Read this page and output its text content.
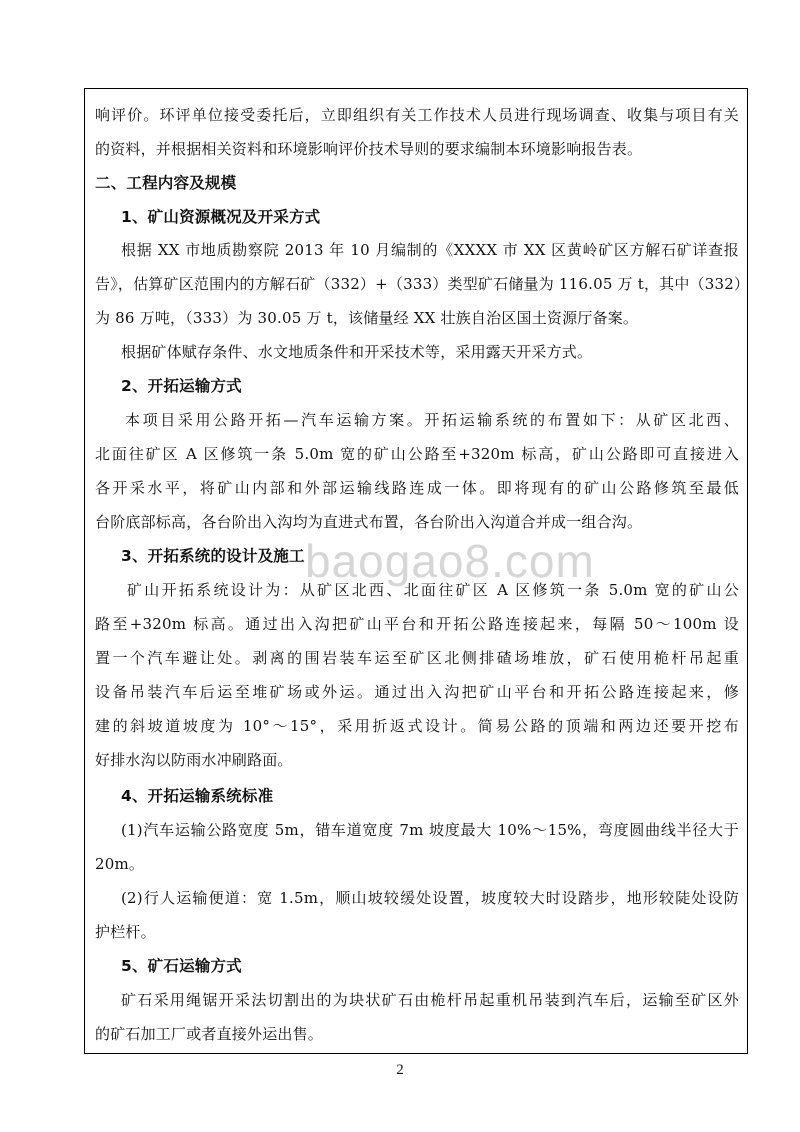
响评价。环评单位接受委托后，立即组织有关工作技术人员进行现场调查、收集与项目有关
的资料，并根据相关资料和环境影响评价技术导则的要求编制本环境影响报告表。
二、工程内容及规模
1、矿山资源概况及开采方式
根据 XX 市地质勘察院 2013 年 10 月编制的《XXXX 市 XX 区黄岭矿区方解石矿详查报
告》，估算矿区范围内的方解石矿（332）+（333）类型矿石储量为 116.05 万 t，其中（332）
为 86 万吨，（333）为 30.05 万 t，该储量经 XX 壮族自治区国土资源厅备案。
根据矿体赋存条件、水文地质条件和开采技术等，采用露天开采方式。
2、开拓运输方式
本项目采用公路开拓—汽车运输方案。开拓运输系统的布置如下：从矿区北西、
北面往矿区 A 区修筑一条 5.0m 宽的矿山公路至+320m 标高，矿山公路即可直接进入
各开采水平，将矿山内部和外部运输线路连成一体。即将现有的矿山公路修筑至最低
台阶底部标高，各台阶出入沟均为直进式布置，各台阶出入沟道合并成一组合沟。
3、开拓系统的设计及施工
矿山开拓系统设计为：从矿区北西、北面往矿区 A 区修筑一条 5.0m 宽的矿山公
路至+320m 标高。通过出入沟把矿山平台和开拓公路连接起来，每隔 50～100m 设
置一个汽车避让处。剥离的围岩装车运至矿区北侧排碴场堆放，矿石使用桅杆吊起重
设备吊装汽车后运至堆矿场或外运。通过出入沟把矿山平台和开拓公路连接起来，修
建的斜坡道坡度为 10°～15°，采用折返式设计。简易公路的顶端和两边还要开挖布
好排水沟以防雨水冲刷路面。
4、开拓运输系统标准
(1)汽车运输公路宽度 5m，错车道宽度 7m 坡度最大 10%～15%，弯度圆曲线半径大于
20m。
(2)行人运输便道：宽 1.5m，顺山坡较缓处设置，坡度较大时设踏步，地形较陡处设防
护栏杆。
5、矿石运输方式
矿石采用绳锯开采法切割出的为块状矿石由桅杆吊起重机吊装到汽车后，运输至矿区外
的矿石加工厂或者直接外运出售。
baogao8.com
2
